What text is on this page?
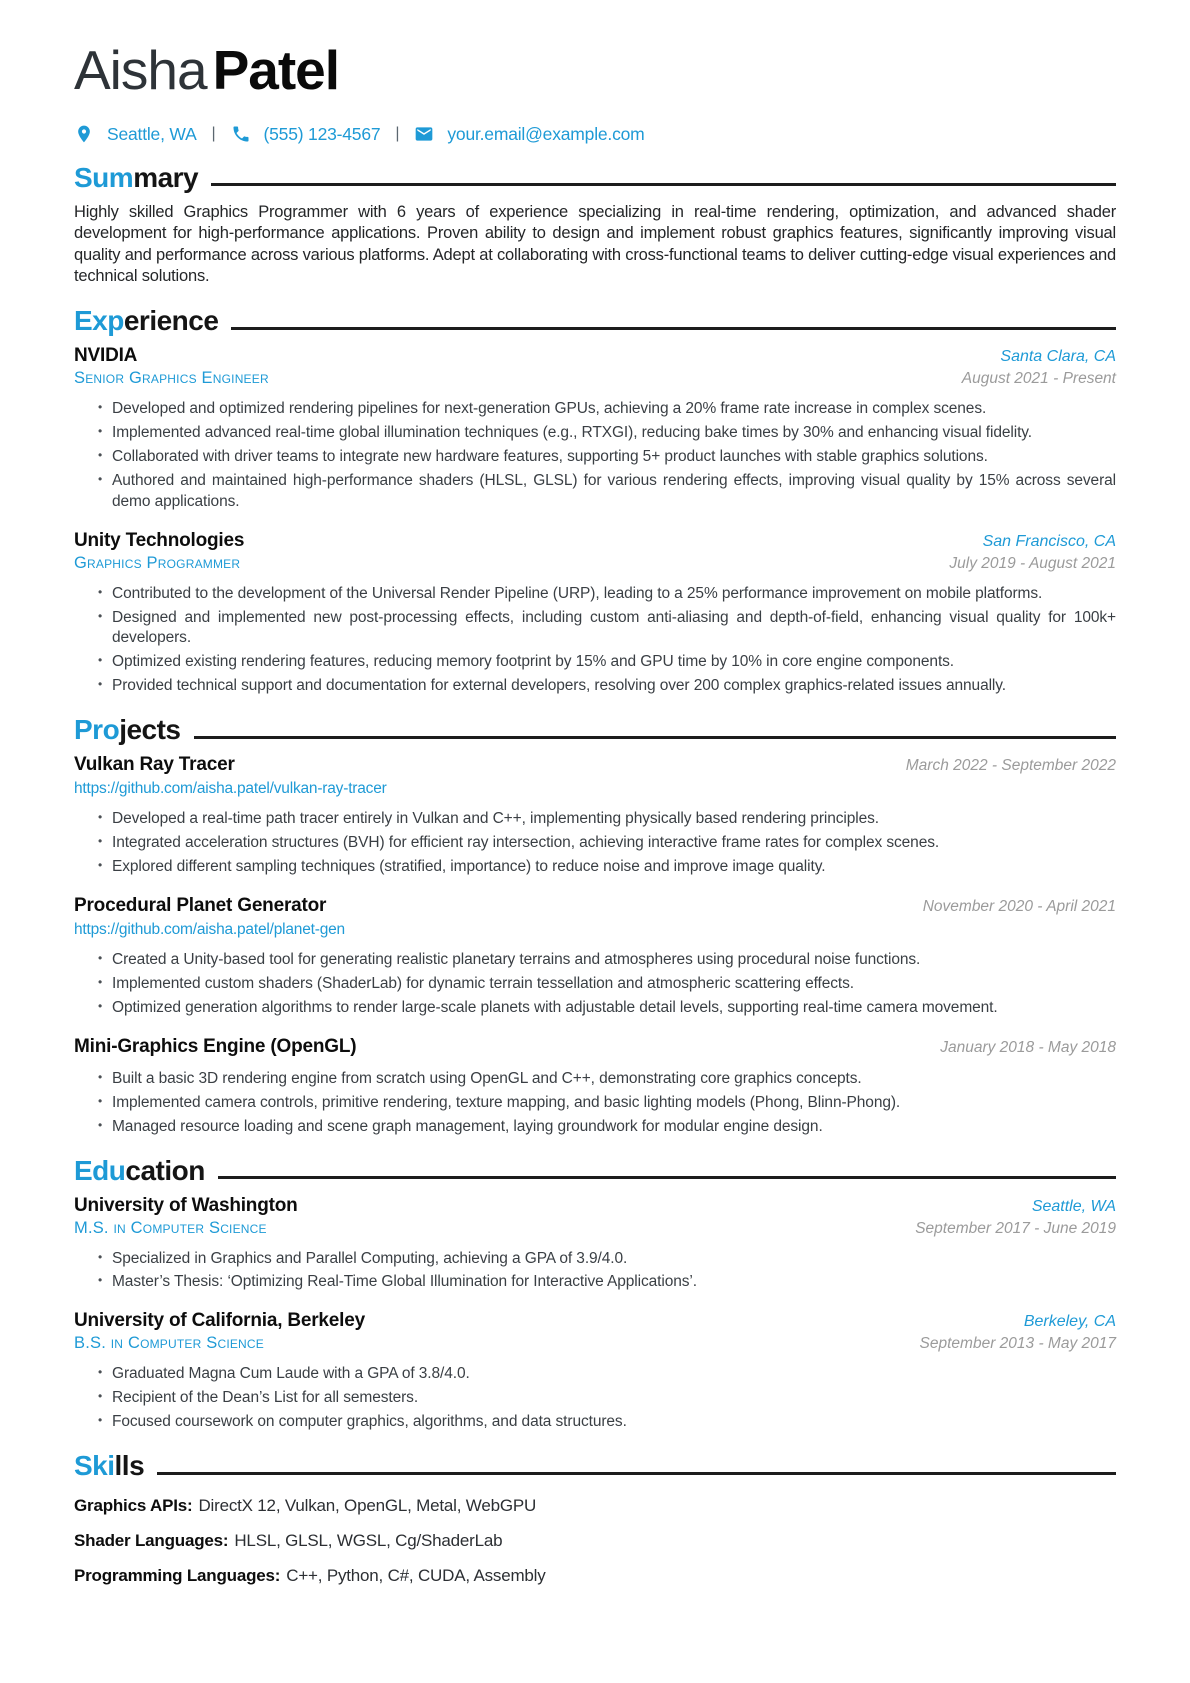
Aisha Patel
Seattle, WA |	(555) 123-4567 |	your.email@example.com
Summary

Highly skilled Graphics Programmer with 6 years of experience specializing in real-time rendering, optimization, and advanced shader development for high-performance applications. Proven ability to design and implement robust graphics features, significantly improving visual quality and performance across various platforms. Adept at collaborating with cross-functional teams to deliver cutting-edge visual experiences and technical solutions.

Experience
NVIDIA	Santa Clara, CA
Senior Graphics Engineer	August 2021 - Present
• Developed and optimized rendering pipelines for next-generation GPUs, achieving a 20% frame rate increase in complex scenes.
• Implemented advanced real-time global illumination techniques (e.g., RTXGI), reducing bake times by 30% and enhancing visual fidelity.
• Collaborated with driver teams to integrate new hardware features, supporting 5+ product launches with stable graphics solutions.
• Authored and maintained high-performance shaders (HLSL, GLSL) for various rendering effects, improving visual quality by 15% across several demo applications.
Unity Technologies	San Francisco, CA
Graphics Programmer	July 2019 - August 2021
• Contributed to the development of the Universal Render Pipeline (URP), leading to a 25% performance improvement on mobile platforms.
• Designed and implemented new post-processing effects, including custom anti-aliasing and depth-of-field, enhancing visual quality for 100k+ developers.
• Optimized existing rendering features, reducing memory footprint by 15% and GPU time by 10% in core engine components.
• Provided technical support and documentation for external developers, resolving over 200 complex graphics-related issues annually.
Projects
Vulkan Ray Tracer	March 2022 - September 2022
https://github.com/aisha.patel/vulkan-ray-tracer
• Developed a real-time path tracer entirely in Vulkan and C++, implementing physically based rendering principles.
• Integrated acceleration structures (BVH) for efficient ray intersection, achieving interactive frame rates for complex scenes.
• Explored different sampling techniques (stratified, importance) to reduce noise and improve image quality.
Procedural Planet Generator	November 2020 - April 2021
https://github.com/aisha.patel/planet-gen
• Created a Unity-based tool for generating realistic planetary terrains and atmospheres using procedural noise functions.
• Implemented custom shaders (ShaderLab) for dynamic terrain tessellation and atmospheric scattering effects.
• Optimized generation algorithms to render large-scale planets with adjustable detail levels, supporting real-time camera movement.
Mini-Graphics Engine (OpenGL)	January 2018 - May 2018
• Built a basic 3D rendering engine from scratch using OpenGL and C++, demonstrating core graphics concepts.
• Implemented camera controls, primitive rendering, texture mapping, and basic lighting models (Phong, Blinn-Phong).
• Managed resource loading and scene graph management, laying groundwork for modular engine design.
Education
University of Washington	Seattle, WA
M.S. in Computer Science	September 2017 - June 2019
• Specialized in Graphics and Parallel Computing, achieving a GPA of 3.9/4.0.
• Master’s Thesis: ‘Optimizing Real-Time Global Illumination for Interactive Applications’.
University of California, Berkeley	Berkeley, CA
B.S. in Computer Science	September 2013 - May 2017
• Graduated Magna Cum Laude with a GPA of 3.8/4.0.
• Recipient of the Dean’s List for all semesters.
• Focused coursework on computer graphics, algorithms, and data structures.
Skills
Graphics APIs: DirectX 12, Vulkan, OpenGL, Metal, WebGPU
Shader Languages: HLSL, GLSL, WGSL, Cg/ShaderLab
Programming Languages: C++, Python, C#, CUDA, Assembly
